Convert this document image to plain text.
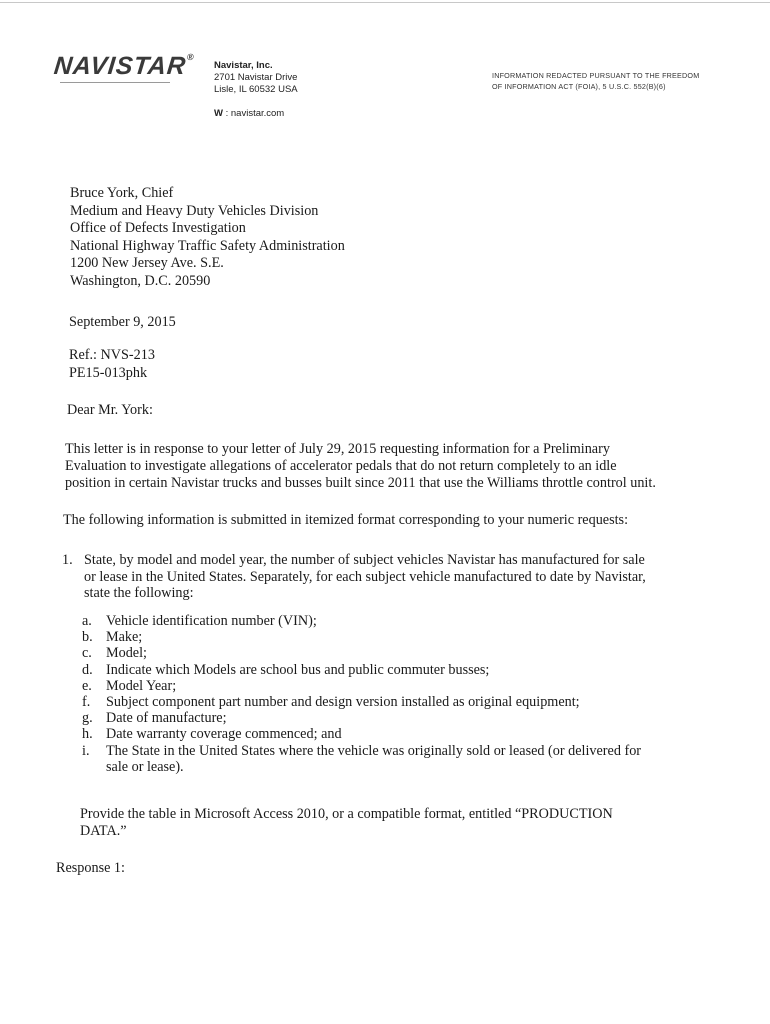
NAVISTAR®
Navistar, Inc.
2701 Navistar Drive
Lisle, IL 60532 USA
W : navistar.com
INFORMATION REDACTED PURSUANT TO THE FREEDOM
OF INFORMATION ACT (FOIA), 5 U.S.C. 552(B)(6)
Bruce York, Chief
Medium and Heavy Duty Vehicles Division
Office of Defects Investigation
National Highway Traffic Safety Administration
1200 New Jersey Ave. S.E.
Washington, D.C. 20590
September 9, 2015
Ref.: NVS-213
PE15-013phk
Dear Mr. York:
This letter is in response to your letter of July 29, 2015 requesting information for a Preliminary
Evaluation to investigate allegations of accelerator pedals that do not return completely to an idle
position in certain Navistar trucks and busses built since 2011 that use the Williams throttle control unit.
The following information is submitted in itemized format corresponding to your numeric requests:
1. State, by model and model year, the number of subject vehicles Navistar has manufactured for sale
or lease in the United States. Separately, for each subject vehicle manufactured to date by Navistar,
state the following:
a. Vehicle identification number (VIN);
b. Make;
c. Model;
d. Indicate which Models are school bus and public commuter busses;
e. Model Year;
f. Subject component part number and design version installed as original equipment;
g. Date of manufacture;
h. Date warranty coverage commenced; and
i. The State in the United States where the vehicle was originally sold or leased (or delivered for
sale or lease).
Provide the table in Microsoft Access 2010, or a compatible format, entitled “PRODUCTION
DATA.”
Response 1:
